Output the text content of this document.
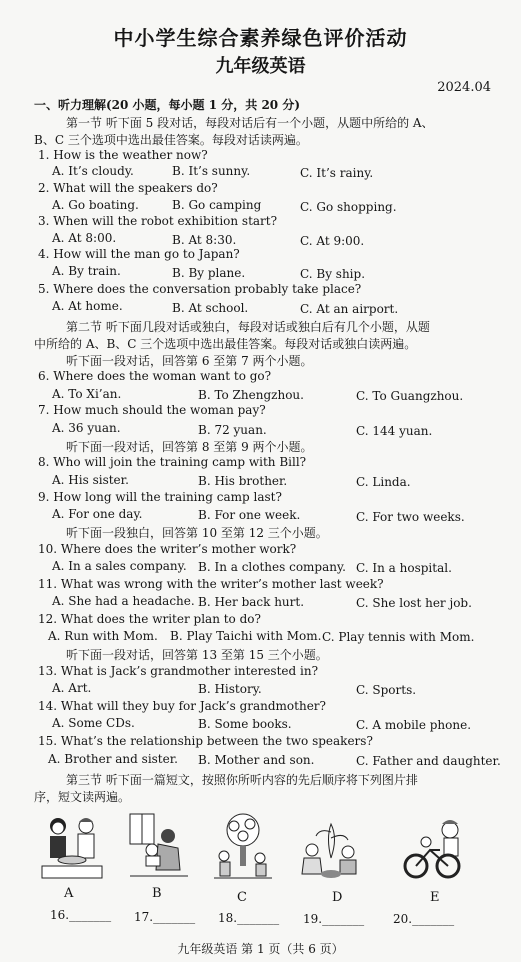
中小学生综合素养绿色评价活动
九年级英语
2024.04
一、听力理解(20 小题，每小题 1 分，共 20 分)
第一节 听下面 5 段对话，每段对话后有一个小题，从题中所给的 A、
B、C 三个选项中选出最佳答案。每段对话读两遍。
1. How is the weather now?
A. It’s cloudy.	B. It’s sunny.	C. It’s rainy.
2. What will the speakers do?
A. Go boating.	B. Go camping	C. Go shopping.
3. When will the robot exhibition start?
A. At 8:00.	B. At 8:30.	C. At 9:00.
4. How will the man go to Japan?
A. By train.	B. By plane.	C. By ship.
5. Where does the conversation probably take place?
A. At home.	B. At school.	C. At an airport.
第二节 听下面几段对话或独白，每段对话或独白后有几个小题，从题
中所给的 A、B、C 三个选项中选出最佳答案。每段对话或独白读两遍。
听下面一段对话，回答第 6 至第 7 两个小题。
6. Where does the woman want to go?
A. To Xi’an.	B. To Zhengzhou.	C. To Guangzhou.
7. How much should the woman pay?
A. 36 yuan.	B. 72 yuan.	C. 144 yuan.
听下面一段对话，回答第 8 至第 9 两个小题。
8. Who will join the training camp with Bill?
A. His sister.	B. His brother.	C. Linda.
9. How long will the training camp last?
A. For one day.	B. For one week.	C. For two weeks.
听下面一段独白，回答第 10 至第 12 三个小题。
10. Where does the writer’s mother work?
A. In a sales company. B. In a clothes company. C. In a hospital.
11. What was wrong with the writer’s mother last week?
A. She had a headache. B. Her back hurt.	C. She lost her job.
12. What does the writer plan to do?
A. Run with Mom. B. Play Taichi with Mom. C. Play tennis with Mom.
听下面一段对话，回答第 13 至第 15 三个小题。
13. What is Jack’s grandmother interested in?
A. Art.	B. History.	C. Sports.
14. What will they buy for Jack’s grandmother?
A. Some CDs.	B. Some books.	C. A mobile phone.
15. What’s the relationship between the two speakers?
A. Brother and sister. B. Mother and son.	C. Father and daughter.
第三节 听下面一篇短文，按照你所听内容的先后顺序将下列图片排
序，短文读两遍。
A	B	C	D	E
16._______ 17._______ 18._______ 19._______ 20._______
九年级英语 第 1 页（共 6 页）
